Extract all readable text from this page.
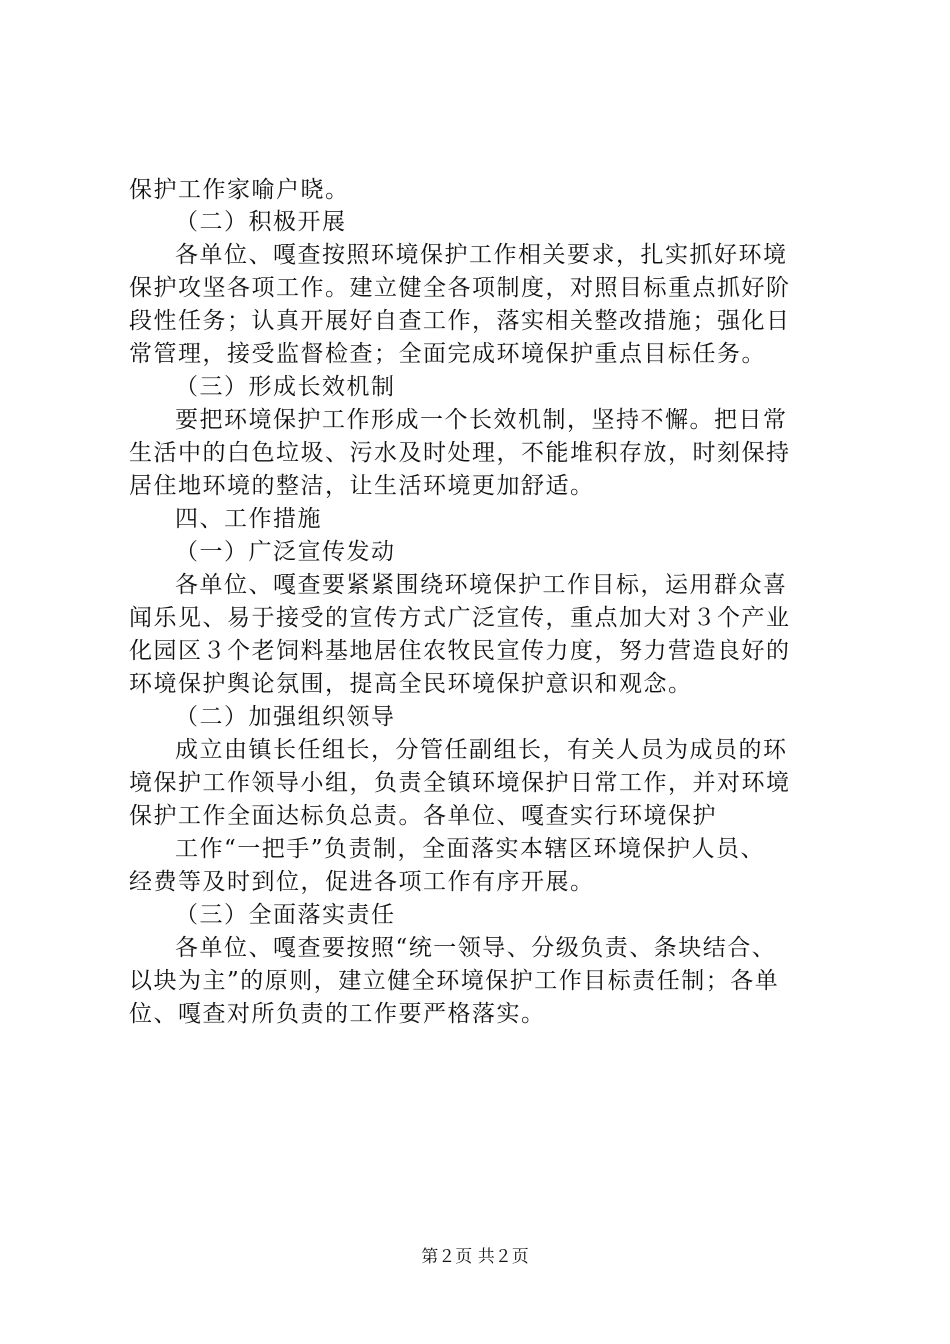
保护工作家喻户晓。
（二）积极开展
各单位、嘎查按照环境保护工作相关要求，扎实抓好环境
保护攻坚各项工作。建立健全各项制度，对照目标重点抓好阶
段性任务；认真开展好自查工作，落实相关整改措施；强化日
常管理，接受监督检查；全面完成环境保护重点目标任务。
（三）形成长效机制
要把环境保护工作形成一个长效机制，坚持不懈。把日常
生活中的白色垃圾、污水及时处理，不能堆积存放，时刻保持
居住地环境的整洁，让生活环境更加舒适。
四、工作措施
（一）广泛宣传发动
各单位、嘎查要紧紧围绕环境保护工作目标，运用群众喜
闻乐见、易于接受的宣传方式广泛宣传，重点加大对３个产业
化园区３个老饲料基地居住农牧民宣传力度，努力营造良好的
环境保护舆论氛围，提高全民环境保护意识和观念。
（二）加强组织领导
成立由镇长任组长，分管任副组长，有关人员为成员的环
境保护工作领导小组，负责全镇环境保护日常工作，并对环境
保护工作全面达标负总责。各单位、嘎查实行环境保护
工作“一把手”负责制，全面落实本辖区环境保护人员、
经费等及时到位，促进各项工作有序开展。
（三）全面落实责任
各单位、嘎查要按照“统一领导、分级负责、条块结合、
以块为主”的原则，建立健全环境保护工作目标责任制；各单
位、嘎查对所负责的工作要严格落实。
第２页 共２页
